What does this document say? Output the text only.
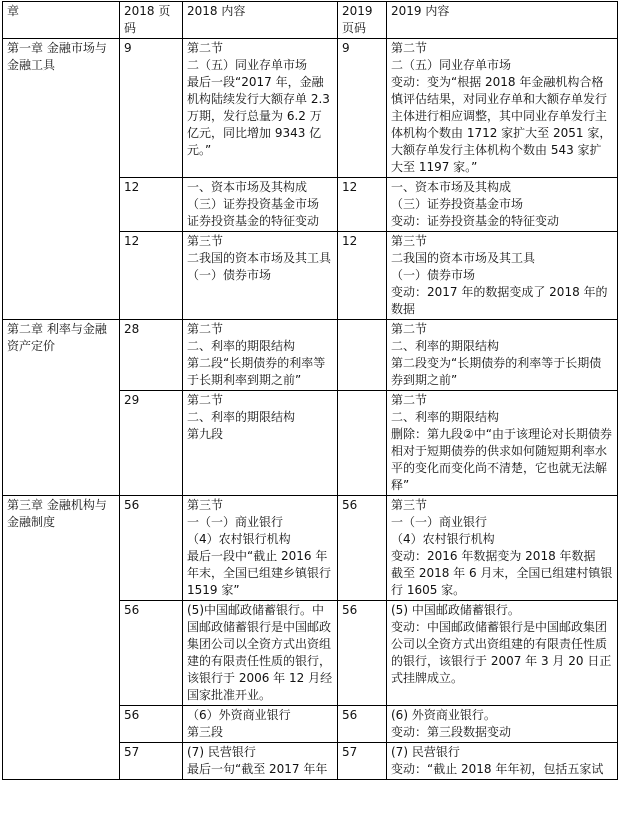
章	2018 页码	2018 内容	2019 页码	2019 内容
第一章 金融市场与金融工具	9	第二节
二（五）同业存单市场
最后一段“2017 年，金融机构陆续发行大额存单 2.3 万期，发行总量为 6.2 万亿元，同比增加 9343 亿元。”	9	第二节
二（五）同业存单市场
变动：变为“根据 2018 年金融机构合格慎评估结果，对同业存单和大额存单发行主体进行相应调整，其中同业存单发行主体机构个数由 1712 家扩大至 2051 家，大额存单发行主体机构个数由 543 家扩大至 1197 家。”

	12	一、资本市场及其构成
（三）证券投资基金市场
证券投资基金的特征变动	12	一、资本市场及其构成
（三）证券投资基金市场
变动：证券投资基金的特征变动

	12	第三节
二我国的资本市场及其工具
（一）债券市场	12	第三节
二我国的资本市场及其工具
（一）债券市场
变动：2017 年的数据变成了 2018 年的数据

第二章 利率与金融资产定价	28	第二节
二、利率的期限结构
第二段“长期债券的利率等于长期利率到期之前”		第二节
二、利率的期限结构
第二段变为“长期债券的利率等于长期债券到期之前”

	29	第二节
二、利率的期限结构
第九段		第二节
二、利率的期限结构
删除：第九段②中“由于该理论对长期债券相对于短期债券的供求如何随短期利率水平的变化而变化尚不清楚，它也就无法解释”

第三章 金融机构与金融制度	56	第三节
一（一）商业银行
（4）农村银行机构
最后一段中“截止 2016 年年末，全国已组建乡镇银行 1519 家”	56	第三节
一（一）商业银行
（4）农村银行机构
变动：2016 年数据变为 2018 年数据
截至 2018 年 6 月末，全国已组建村镇银行 1605 家。

	56	(5)中国邮政储蓄银行。中国邮政储蓄银行是中国邮政集团公司以全资方式出资组建的有限责任性质的银行，该银行于 2006 年 12 月经国家批准开业。	56	(5) 中国邮政储蓄银行。
变动：中国邮政储蓄银行是中国邮政集团公司以全资方式出资组建的有限责任性质的银行，该银行于 2007 年 3 月 20 日正式挂牌成立。

	56	（6）外资商业银行
第三段	56	(6) 外资商业银行。
变动：第三段数据变动

	57	(7) 民营银行
最后一句“截至 2017 年年	57	(7) 民营银行
变动：“截止 2018 年年初，包括五家试
